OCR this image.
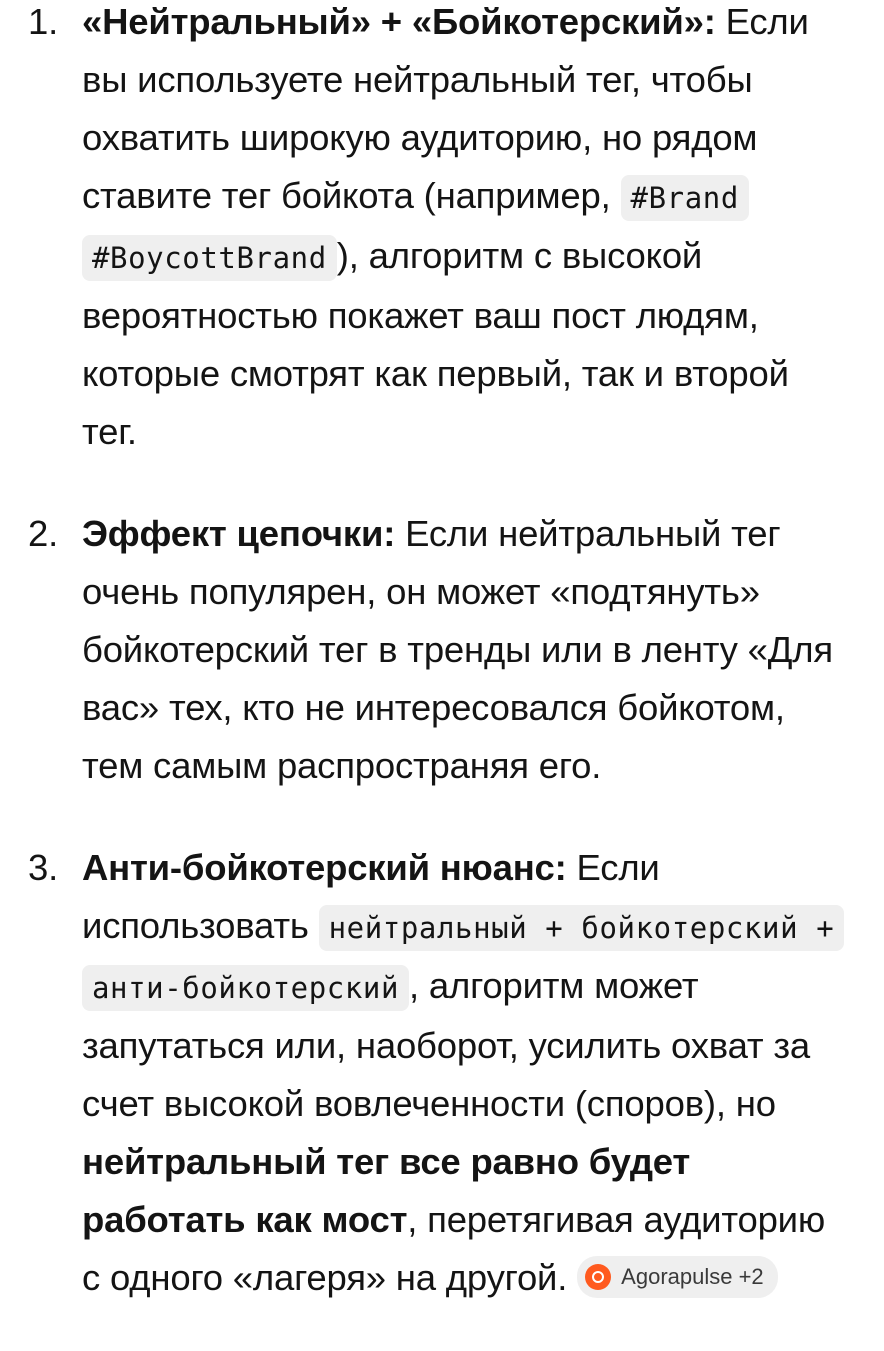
1. «Нейтральный» + «Бойкотерский»: Если вы используете нейтральный тег, чтобы охватить широкую аудиторию, но рядом ставите тег бойкота (например, #Brand #BoycottBrand ), алгоритм с высокой вероятностью покажет ваш пост людям, которые смотрят как первый, так и второй тег.
2. Эффект цепочки: Если нейтральный тег очень популярен, он может «подтянуть» бойкотерский тег в тренды или в ленту «Для вас» тех, кто не интересовался бойкотом, тем самым распространяя его.
3. Анти-бойкотерский нюанс: Если использовать нейтральный + бойкотерский + анти-бойкотерский , алгоритм может запутаться или, наоборот, усилить охват за счет высокой вовлеченности (споров), но нейтральный тег все равно будет работать как мост, перетягивая аудиторию с одного «лагеря» на другой. Agorapulse +2
